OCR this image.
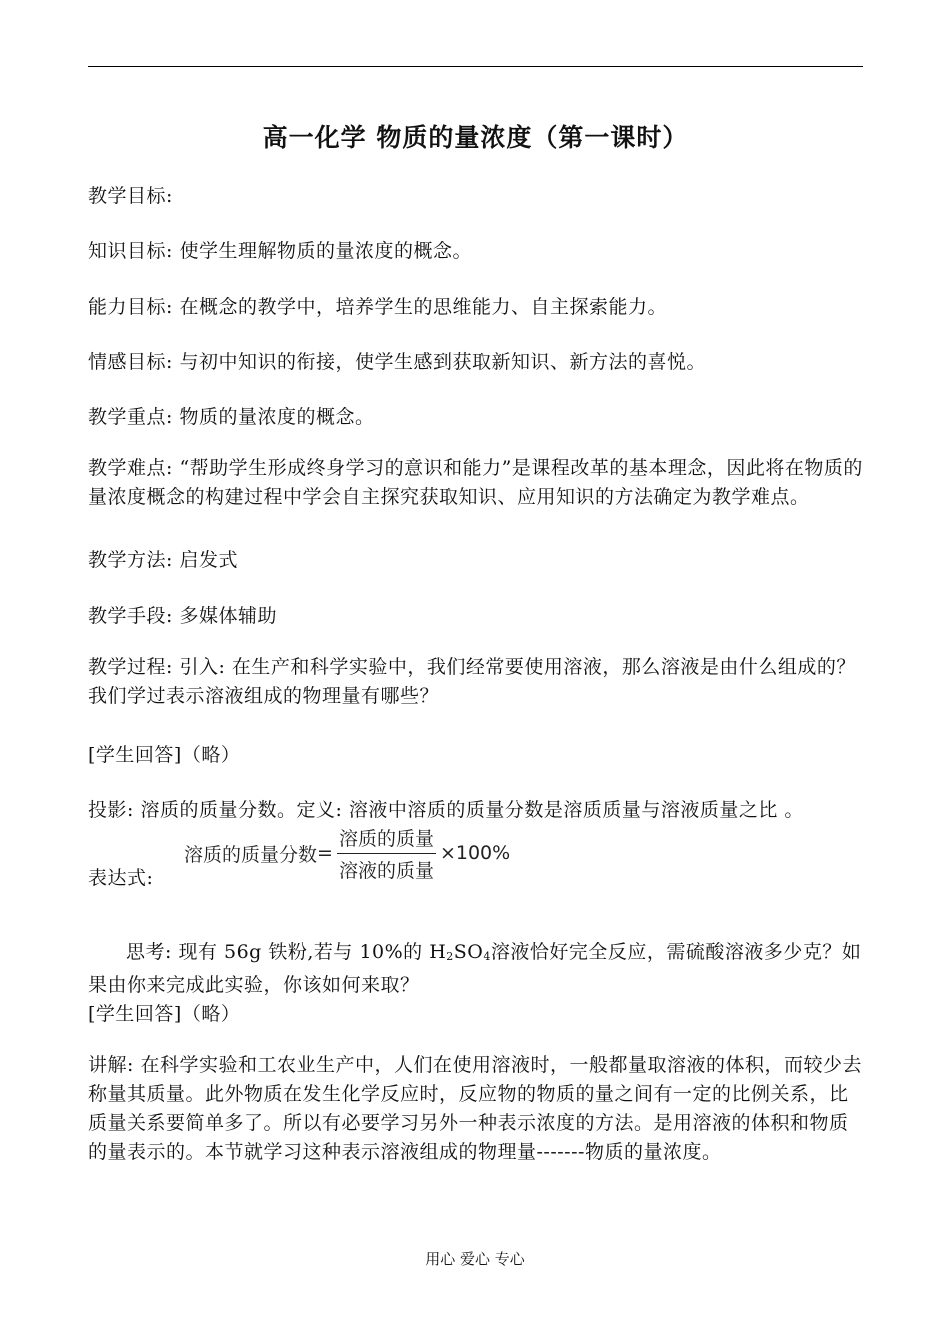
高一化学 物质的量浓度（第一课时）
教学目标:
知识目标: 使学生理解物质的量浓度的概念。
能力目标: 在概念的教学中，培养学生的思维能力、自主探索能力。
情感目标: 与初中知识的衔接，使学生感到获取新知识、新方法的喜悦。
教学重点: 物质的量浓度的概念。
教学难点: “帮助学生形成终身学习的意识和能力”是课程改革的基本理念，因此将在物质的量浓度概念的构建过程中学会自主探究获取知识、应用知识的方法确定为教学难点。
教学方法: 启发式
教学手段: 多媒体辅助
教学过程: 引入: 在生产和科学实验中，我们经常要使用溶液，那么溶液是由什么组成的？我们学过表示溶液组成的物理量有哪些？
[学生回答]（略）
投影: 溶质的质量分数。定义: 溶液中溶质的质量分数是溶质质量与溶液质量之比 。
溶质的质量分数 = $\frac{\text{溶质的质量}}{\text{溶液的质量}} \times 100\%$
表达式:
思考: 现有 56g 铁粉,若与 10%的 $H_2SO_4$溶液恰好完全反应，需硫酸溶液多少克？如果由你来完成此实验，你该如何来取？
[学生回答]（略）
讲解: 在科学实验和工农业生产中，人们在使用溶液时，一般都量取溶液的体积，而较少去称量其质量。此外物质在发生化学反应时，反应物的物质的量之间有一定的比例关系，比质量关系要简单多了。所以有必要学习另外一种表示浓度的方法。是用溶液的体积和物质的量表示的。本节就学习这种表示溶液组成的物理量-------物质的量浓度。
用心 爱心 专心
